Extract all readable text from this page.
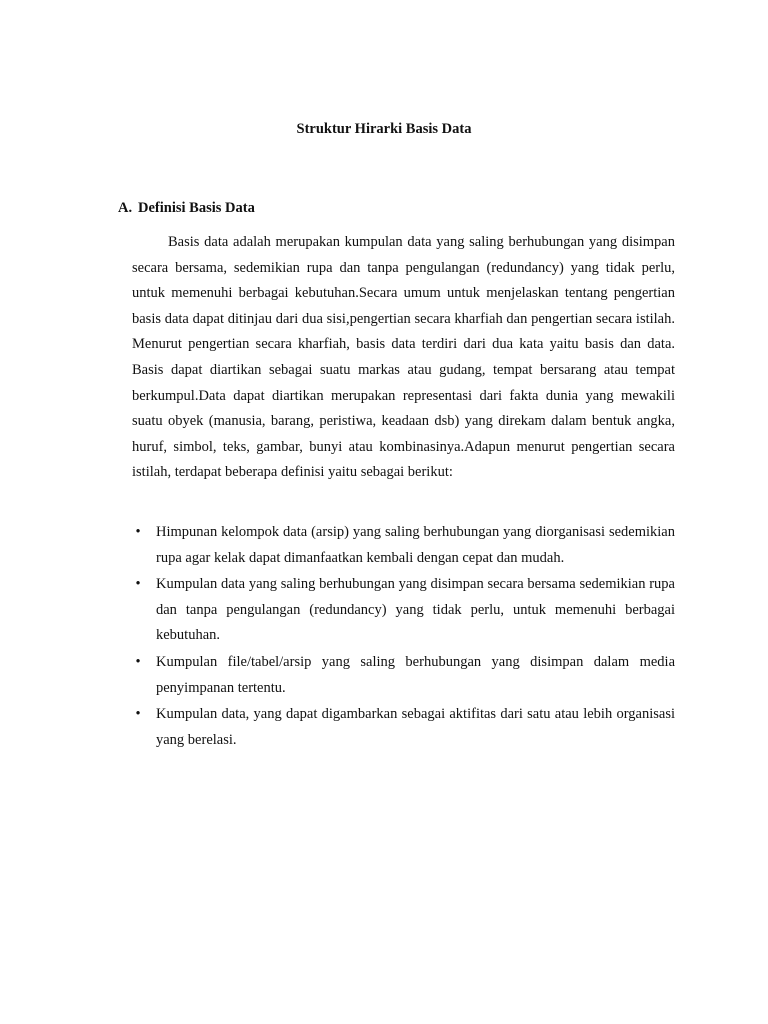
Struktur Hirarki Basis Data
A. Definisi Basis Data

Basis data adalah merupakan kumpulan data yang saling berhubungan yang disimpan secara bersama, sedemikian rupa dan tanpa pengulangan (redundancy) yang tidak perlu, untuk memenuhi berbagai kebutuhan.Secara umum untuk menjelaskan tentang pengertian basis data dapat ditinjau dari dua sisi,pengertian secara kharfiah dan pengertian secara istilah. Menurut pengertian secara kharfiah, basis data terdiri dari dua kata yaitu basis dan data. Basis dapat diartikan sebagai suatu markas atau gudang, tempat bersarang atau tempat berkumpul.Data dapat diartikan merupakan representasi dari fakta dunia yang mewakili suatu obyek (manusia, barang, peristiwa, keadaan dsb) yang direkam dalam bentuk angka, huruf, simbol, teks, gambar, bunyi atau kombinasinya.Adapun menurut pengertian secara istilah, terdapat beberapa definisi yaitu sebagai berikut:

• Himpunan kelompok data (arsip) yang saling berhubungan yang diorganisasi sedemikian rupa agar kelak dapat dimanfaatkan kembali dengan cepat dan mudah.
• Kumpulan data yang saling berhubungan yang disimpan secara bersama sedemikian rupa dan tanpa pengulangan (redundancy) yang tidak perlu, untuk memenuhi berbagai kebutuhan.
• Kumpulan file/tabel/arsip yang saling berhubungan yang disimpan dalam media penyimpanan tertentu.
• Kumpulan data, yang dapat digambarkan sebagai aktifitas dari satu atau lebih organisasi yang berelasi.
